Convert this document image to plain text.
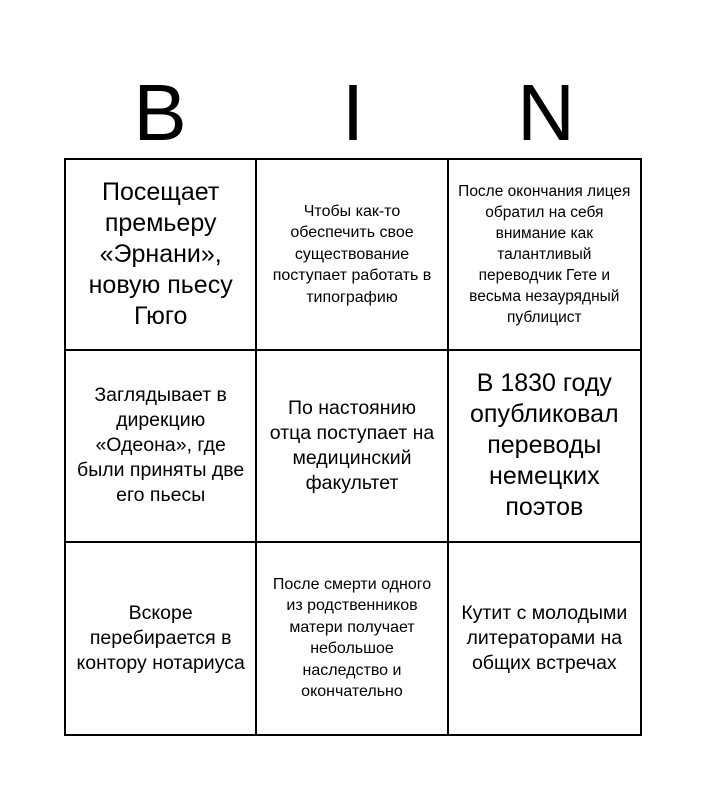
B	I	N
Посещает премьеру «Эрнани», новую пьесу Гюго
Чтобы как-то обеспечить свое существование поступает работать в типографию
После окончания лицея обратил на себя внимание как талантливый переводчик Гете и весьма незаурядный публицист
Заглядывает в дирекцию «Одеона», где были приняты две его пьесы
По настоянию отца поступает на медицинский факультет
В 1830 году опубликовал переводы немецких поэтов
Вскоре перебирается в контору нотариуса
После смерти одного из родственников матери получает небольшое наследство и окончательно
Кутит с молодыми литераторами на общих встречах
